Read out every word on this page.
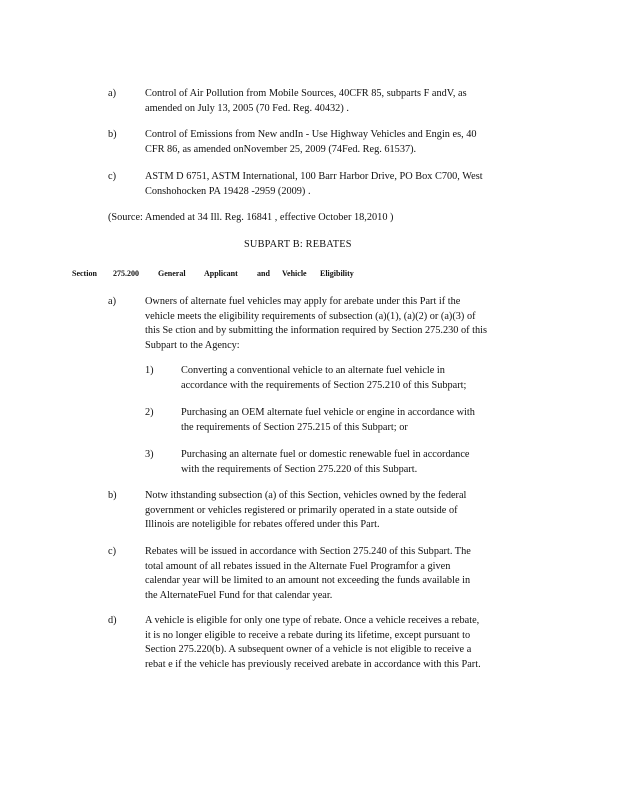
a)	Control of Air Pollution from Mobile Sources, 40CFR 85, subparts F andV, as
amended on July 13, 2005 (70 Fed. Reg. 40432) .
b)	Control of Emissions from New andIn - Use Highway Vehicles and Engin es, 40
CFR 86, as amended onNovember 25, 2009 (74Fed. Reg. 61537).
c)	ASTM D 6751, ASTM International, 100 Barr Harbor Drive, PO Box C700, West
Conshohocken PA 19428 -2959 (2009) .
(Source: Amended at 34 Ill. Reg. 16841 , effective October 18,2010 )
SUBPART B: REBATES
Section 275.200 General Applicant and Vehicle Eligibility
a)	Owners of alternate fuel vehicles may apply for arebate under this Part if the
vehicle meets the eligibility requirements of subsection (a)(1), (a)(2) or (a)(3) of
this Se ction and by submitting the information required by Section 275.230 of this
Subpart to the Agency:
1)	Converting a conventional vehicle to an alternate fuel vehicle in
accordance with the requirements of Section 275.210 of this Subpart;
2)	Purchasing an OEM alternate fuel vehicle or engine in accordance with
the requirements of Section 275.215 of this Subpart; or
3)	Purchasing an alternate fuel or domestic renewable fuel in accordance
with the requirements of Section 275.220 of this Subpart.
b)	Notw ithstanding subsection (a) of this Section, vehicles owned by the federal
government or vehicles registered or primarily operated in a state outside of
Illinois are noteligible for rebates offered under this Part.
c)	Rebates will be issued in accordance with Section 275.240 of this Subpart. The
total amount of all rebates issued in the Alternate Fuel Programfor a given
calendar year will be limited to an amount not exceeding the funds available in
the AlternateFuel Fund for that calendar year.
d)	A vehicle is eligible for only one type of rebate. Once a vehicle receives a rebate,
it is no longer eligible to receive a rebate during its lifetime, except pursuant to
Section 275.220(b). A subsequent owner of a vehicle is not eligible to receive a
rebat e if the vehicle has previously received arebate in accordance with this Part.
